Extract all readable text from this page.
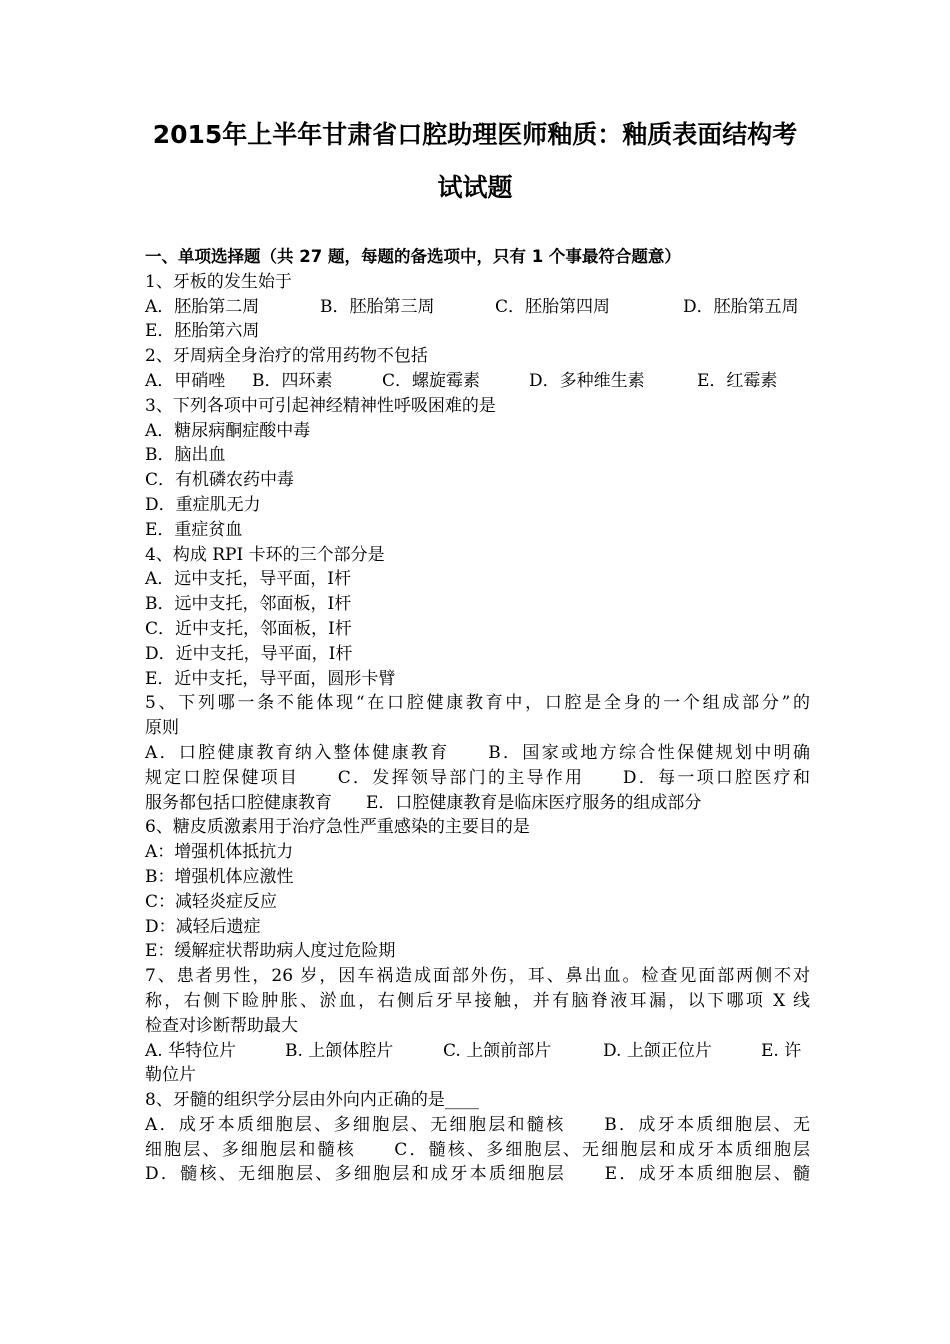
2015年上半年甘肃省口腔助理医师釉质：釉质表面结构考
试试题
一、单项选择题（共 27 题，每题的备选项中，只有 1 个事最符合题意）
1、牙板的发生始于
A．胚胎第二周	B．胚胎第三周	C．胚胎第四周	D．胚胎第五周
E．胚胎第六周
2、牙周病全身治疗的常用药物不包括
A．甲硝唑	B．四环素	C．螺旋霉素	D．多种维生素	E．红霉素
3、下列各项中可引起神经精神性呼吸困难的是
A．糖尿病酮症酸中毒
B．脑出血
C．有机磷农药中毒
D．重症肌无力
E．重症贫血
4、构成 RPI 卡环的三个部分是
A．远中支托，导平面，Ⅰ杆
B．远中支托，邻面板，Ⅰ杆
C．近中支托，邻面板，Ⅰ杆
D．近中支托，导平面，Ⅰ杆
E．近中支托，导平面，圆形卡臂
5、下列哪一条不能体现“在口腔健康教育中，口腔是全身的一个组成部分”的
原则
A．口腔健康教育纳入整体健康教育　　B．国家或地方综合性保健规划中明确
规定口腔保健项目　　C．发挥领导部门的主导作用　　D．每一项口腔医疗和
服务都包括口腔健康教育　　E．口腔健康教育是临床医疗服务的组成部分
6、糖皮质激素用于治疗急性严重感染的主要目的是
A：增强机体抵抗力
B：增强机体应激性
C：减轻炎症反应
D：减轻后遗症
E：缓解症状帮助病人度过危险期
7、患者男性，26 岁，因车祸造成面部外伤，耳、鼻出血。检查见面部两侧不对
称，右侧下睑肿胀、淤血，右侧后牙早接触，并有脑脊液耳漏，以下哪项 X 线
检查对诊断帮助最大
A. 华特位片	B. 上颌体腔片	C. 上颌前部片	D. 上颌正位片	E. 许
勒位片
8、牙髓的组织学分层由外向内正确的是____
A．成牙本质细胞层、多细胞层、无细胞层和髓核　　B．成牙本质细胞层、无
细胞层、多细胞层和髓核　　C．髓核、多细胞层、无细胞层和成牙本质细胞层
D．髓核、无细胞层、多细胞层和成牙本质细胞层　　E．成牙本质细胞层、髓
